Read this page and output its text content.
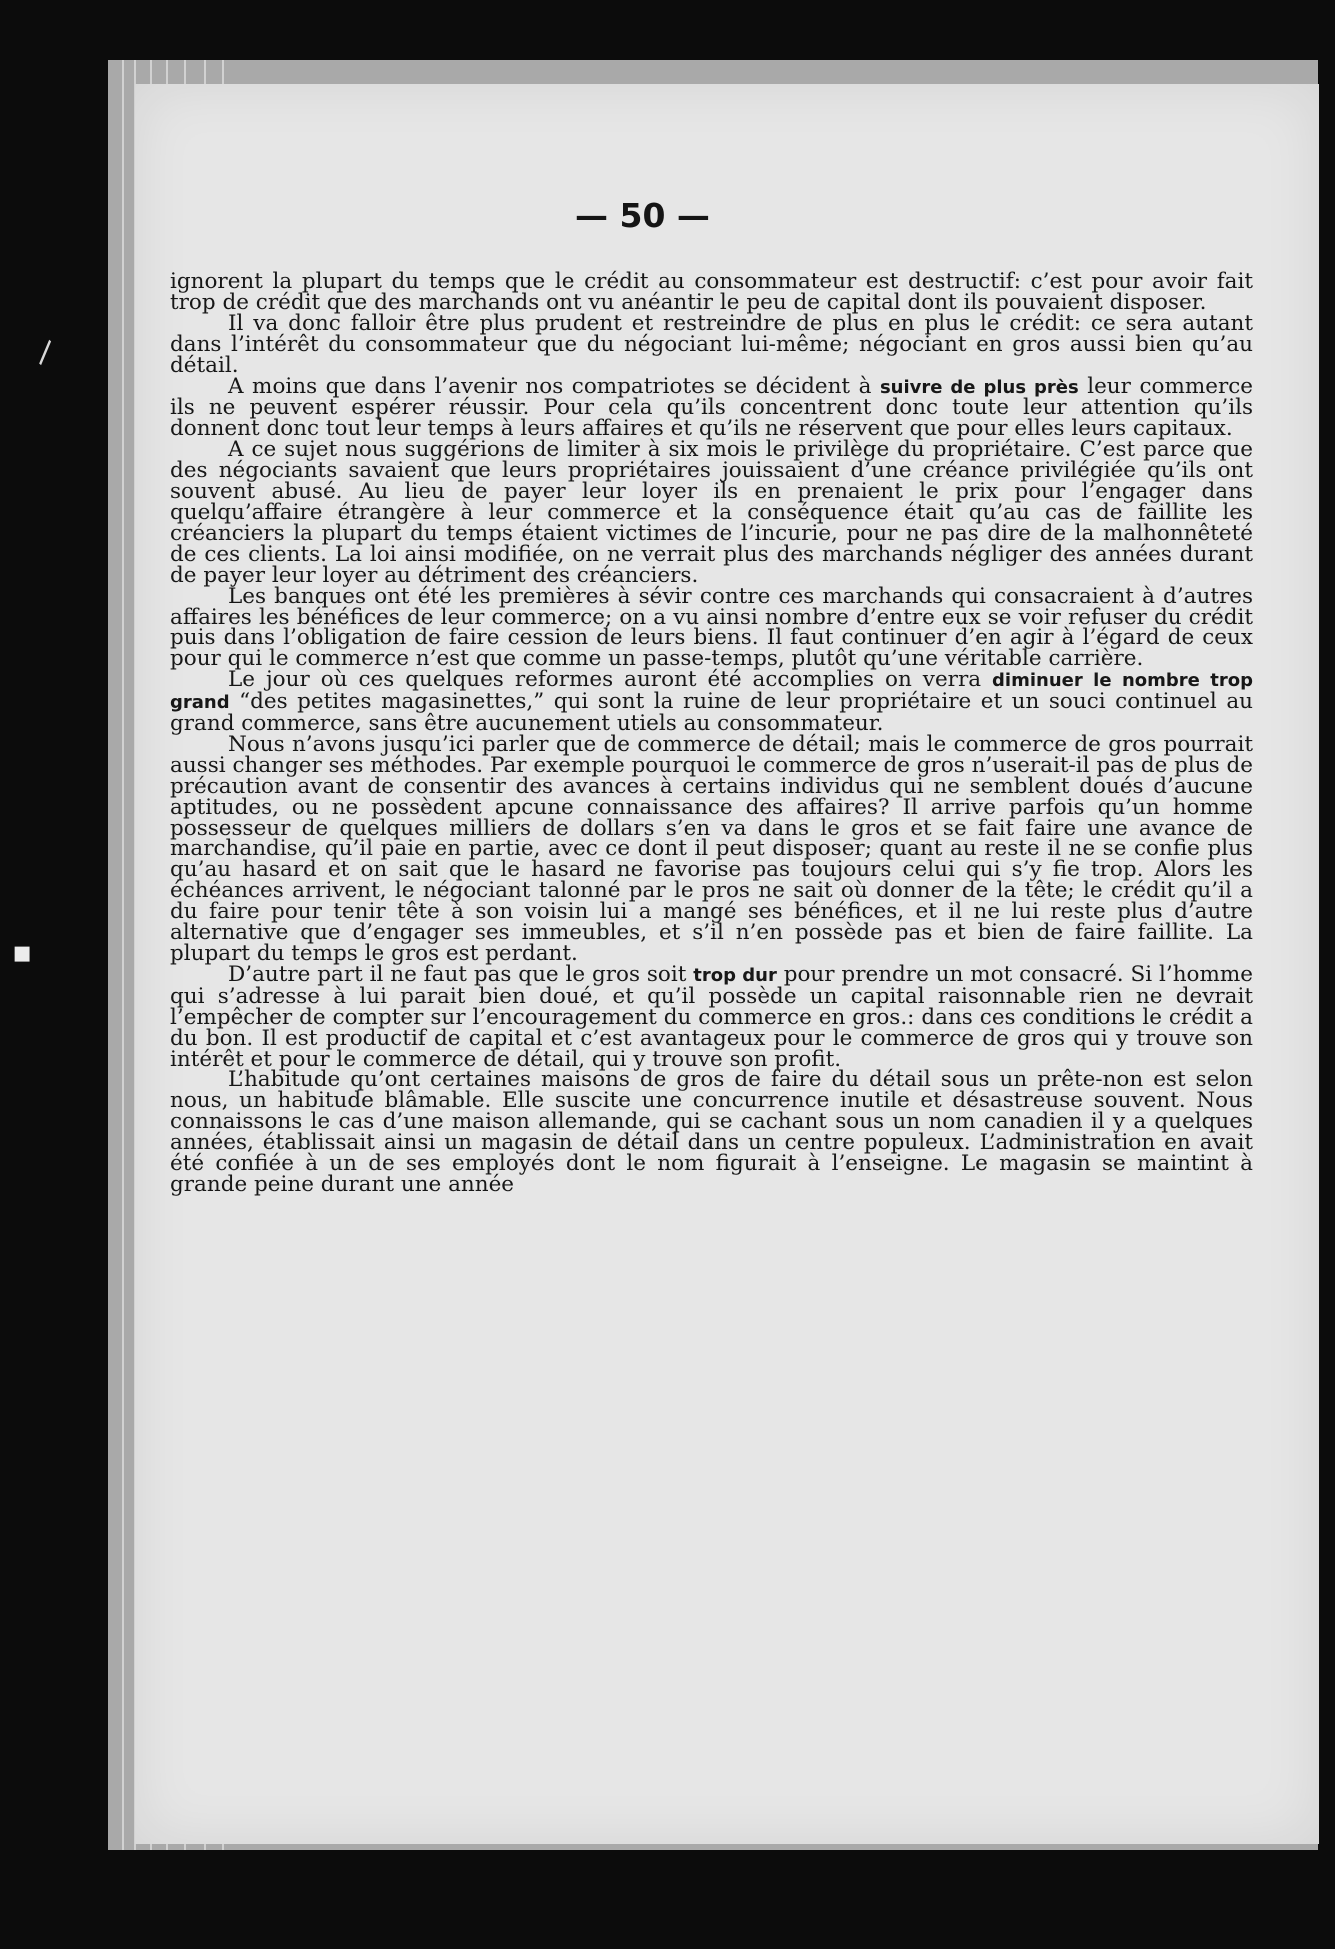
— 50 —

ignorent la plupart du temps que le crédit au consommateur est destructif: c’est pour avoir fait trop de crédit que des marchands ont vu anéantir le peu de capital dont ils pouvaient disposer.

Il va donc falloir être plus prudent et restreindre de plus en plus le crédit: ce sera autant dans l’intérêt du consommateur que du négociant lui-même; négociant en gros aussi bien qu’au détail.

A moins que dans l’avenir nos compatriotes se décident à suivre de plus près leur commerce ils ne peuvent espérer réussir. Pour cela qu’ils concentrent donc toute leur attention qu’ils donnent donc tout leur temps à leurs affaires et qu’ils ne réservent que pour elles leurs capitaux.

A ce sujet nous suggérions de limiter à six mois le privilège du propriétaire. C’est parce que des négociants savaient que leurs propriétaires jouissaient d’une créance privilégiée qu’ils ont souvent abusé. Au lieu de payer leur loyer ils en prenaient le prix pour l’engager dans quelqu’affaire étrangère à leur commerce et la conséquence était qu’au cas de faillite les créanciers la plupart du temps étaient victimes de l’incurie, pour ne pas dire de la malhonnêteté de ces clients. La loi ainsi modifiée, on ne verrait plus des marchands négliger des années durant de payer leur loyer au détriment des créanciers.

Les banques ont été les premières à sévir contre ces marchands qui consacraient à d’autres affaires les bénéfices de leur commerce; on a vu ainsi nombre d’entre eux se voir refuser du crédit puis dans l’obligation de faire cession de leurs biens. Il faut continuer d’en agir à l’égard de ceux pour qui le commerce n’est que comme un passe-temps, plutôt qu’une véritable carrière.

Le jour où ces quelques reformes auront été accomplies on verra diminuer le nombre trop grand “des petites magasinettes,” qui sont la ruine de leur propriétaire et un souci continuel au grand commerce, sans être aucunement utiels au consommateur.

Nous n’avons jusqu’ici parler que de commerce de détail; mais le commerce de gros pourrait aussi changer ses méthodes. Par exemple pourquoi le commerce de gros n’userait-il pas de plus de précaution avant de consentir des avances à certains individus qui ne semblent doués d’aucune aptitudes, ou ne possèdent apcune connaissance des affaires? Il arrive parfois qu’un homme possesseur de quelques milliers de dollars s’en va dans le gros et se fait faire une avance de marchandise, qu’il paie en partie, avec ce dont il peut disposer; quant au reste il ne se confie plus qu’au hasard et on sait que le hasard ne favorise pas toujours celui qui s’y fie trop. Alors les échéances arrivent, le négociant talonné par le pros ne sait où donner de la tête; le crédit qu’il a du faire pour tenir tête à son voisin lui a mangé ses bénéfices, et il ne lui reste plus d’autre alternative que d’engager ses immeubles, et s’il n’en possède pas et bien de faire faillite. La plupart du temps le gros est perdant.

D’autre part il ne faut pas que le gros soit trop dur pour prendre un mot consacré. Si l’homme qui s’adresse à lui parait bien doué, et qu’il possède un capital raisonnable rien ne devrait l’empêcher de compter sur l’encouragement du commerce en gros.: dans ces conditions le crédit a du bon. Il est productif de capital et c’est avantageux pour le commerce de gros qui y trouve son intérêt et pour le commerce de détail, qui y trouve son profit.

L’habitude qu’ont certaines maisons de gros de faire du détail sous un prête-non est selon nous, un habitude blâmable. Elle suscite une concurrence inutile et désastreuse souvent. Nous connaissons le cas d’une maison allemande, qui se cachant sous un nom canadien il y a quelques années, établissait ainsi un magasin de détail dans un centre populeux. L’administration en avait été confiée à un de ses employés dont le nom figurait à l’enseigne. Le magasin se maintint à grande peine durant une année

\
▪
